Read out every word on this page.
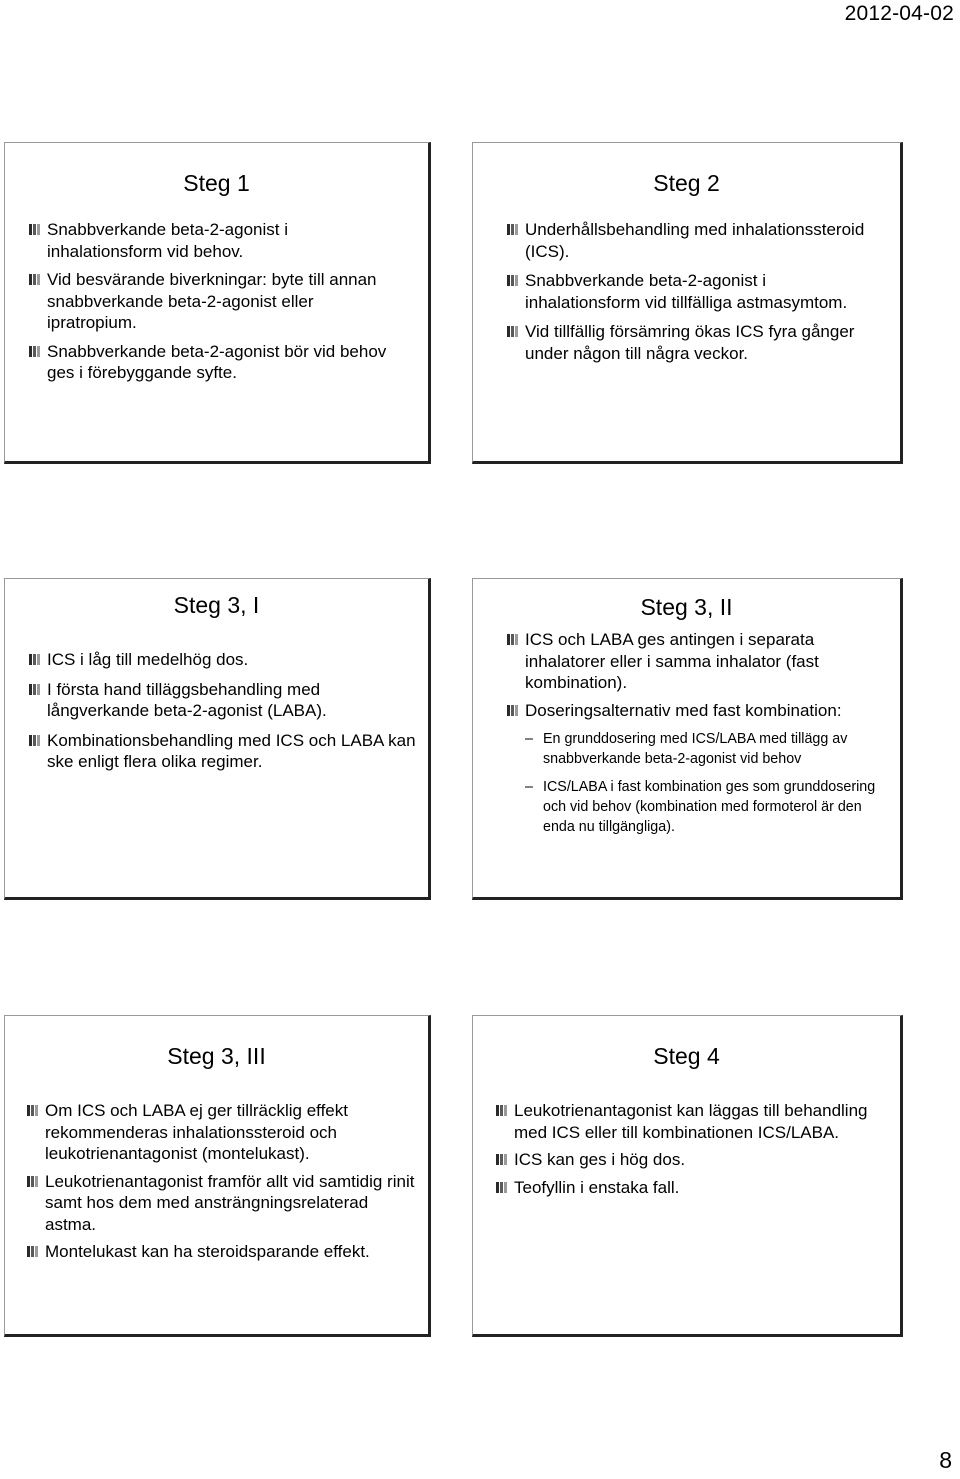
2012-04-02
Steg 1
Snabbverkande beta-2-agonist i inhalationsform vid behov.
Vid besvärande biverkningar: byte till annan snabbverkande beta-2-agonist eller ipratropium.
Snabbverkande beta-2-agonist bör vid behov ges i förebyggande syfte.
Steg 2
Underhållsbehandling med inhalationssteroid (ICS).
Snabbverkande beta-2-agonist i inhalationsform vid tillfälliga astmasymtom.
Vid tillfällig försämring ökas ICS fyra gånger under någon till några veckor.
Steg 3, I
ICS i låg till medelhög dos.
I första hand tilläggsbehandling med långverkande beta-2-agonist (LABA).
Kombinationsbehandling med ICS och LABA kan ske enligt flera olika regimer.
Steg 3, II
ICS och LABA ges antingen i separata inhalatorer eller i samma inhalator (fast kombination).
Doseringsalternativ med fast kombination:
– En grunddosering med ICS/LABA med tillägg av snabbverkande beta-2-agonist vid behov
– ICS/LABA i fast kombination ges som grunddosering och vid behov (kombination med formoterol är den enda nu tillgängliga).
Steg 3, III
Om ICS och LABA ej ger tillräcklig effekt rekommenderas inhalationssteroid och leukotrienantagonist (montelukast).
Leukotrienantagonist framför allt vid samtidig rinit samt hos dem med ansträngningsrelaterad astma.
Montelukast kan ha steroidsparande effekt.
Steg 4
Leukotrienantagonist kan läggas till behandling med ICS eller till kombinationen ICS/LABA.
ICS kan ges i hög dos.
Teofyllin i enstaka fall.
8
